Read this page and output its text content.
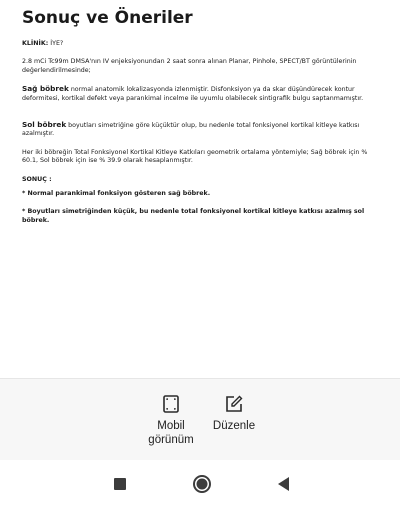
Sonuç ve Öneriler
KLİNİK: İYE?
2.8 mCi Tc99m DMSA'nın IV enjeksiyonundan 2 saat sonra alınan Planar, Pinhole, SPECT/BT görüntülerinin değerlendirilmesinde;
Sağ böbrek normal anatomik lokalizasyonda izlenmiştir. Disfonksiyon ya da skar düşündürecek kontur deformitesi, kortikal defekt veya parankimal incelme ile uyumlu olabilecek sintigrafik bulgu saptanmamıştır.
Sol böbrek boyutları simetriğine göre küçüktür olup, bu nedenle total fonksiyonel kortikal kitleye katkısı azalmıştır.
Her iki böbreğin Total Fonksiyonel Kortikal Kitleye Katkıları geometrik ortalama yöntemiyle; Sağ böbrek için % 60.1, Sol böbrek için ise % 39.9 olarak hesaplanmıştır.
SONUÇ :
* Normal parankimal fonksiyon gösteren sağ böbrek.
* Boyutları simetriğinden küçük, bu nedenle total fonksiyonel kortikal kitleye katkısı azalmış sol böbrek.
Mobil
görünüm
Düzenle
